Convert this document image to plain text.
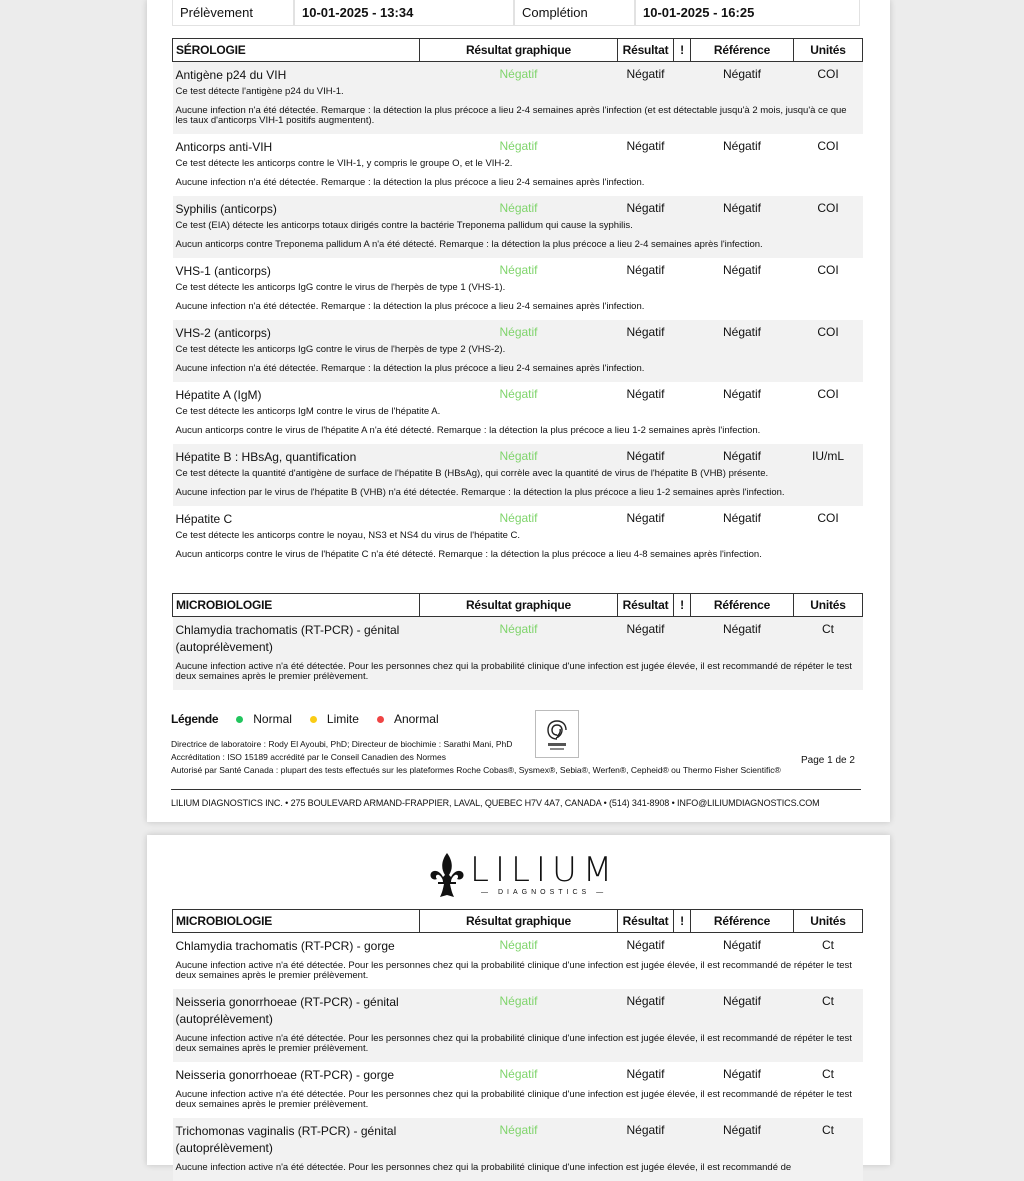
Prélèvement	10-01-2025 - 13:34	Complétion	10-01-2025 - 16:25
SÉROLOGIE	Résultat graphique	Résultat	!	Référence	Unités
Antigène p24 du VIH	Négatif	Négatif		Négatif	COI
Ce test détecte l'antigène p24 du VIH-1.					
Aucune infection n'a été détectée. Remarque : la détection la plus précoce a lieu 2-4 semaines après l'infection (et est détectable jusqu'à 2 mois, jusqu'à ce que les taux d'anticorps VIH-1 positifs augmentent).					
Anticorps anti-VIH	Négatif	Négatif		Négatif	COI
Ce test détecte les anticorps contre le VIH-1, y compris le groupe O, et le VIH-2.					
Aucune infection n'a été détectée. Remarque : la détection la plus précoce a lieu 2-4 semaines après l'infection.					
Syphilis (anticorps)	Négatif	Négatif		Négatif	COI
Ce test (EIA) détecte les anticorps totaux dirigés contre la bactérie Treponema pallidum qui cause la syphilis.					
Aucun anticorps contre Treponema pallidum A n'a été détecté. Remarque : la détection la plus précoce a lieu 2-4 semaines après l'infection.					
VHS-1 (anticorps)	Négatif	Négatif		Négatif	COI
Ce test détecte les anticorps IgG contre le virus de l'herpès de type 1 (VHS-1).					
Aucune infection n'a été détectée. Remarque : la détection la plus précoce a lieu 2-4 semaines après l'infection.					
VHS-2 (anticorps)	Négatif	Négatif		Négatif	COI
Ce test détecte les anticorps IgG contre le virus de l'herpès de type 2 (VHS-2).					
Aucune infection n'a été détectée. Remarque : la détection la plus précoce a lieu 2-4 semaines après l'infection.					
Hépatite A (IgM)	Négatif	Négatif		Négatif	COI
Ce test détecte les anticorps IgM contre le virus de l'hépatite A.					
Aucun anticorps contre le virus de l'hépatite A n'a été détecté. Remarque : la détection la plus précoce a lieu 1-2 semaines après l'infection.					
Hépatite B : HBsAg, quantification	Négatif	Négatif		Négatif	IU/mL
Ce test détecte la quantité d'antigène de surface de l'hépatite B (HBsAg), qui corrèle avec la quantité de virus de l'hépatite B (VHB) présente.					
Aucune infection par le virus de l'hépatite B (VHB) n'a été détectée. Remarque : la détection la plus précoce a lieu 1-2 semaines après l'infection.					
Hépatite C	Négatif	Négatif		Négatif	COI
Ce test détecte les anticorps contre le noyau, NS3 et NS4 du virus de l'hépatite C.					
Aucun anticorps contre le virus de l'hépatite C n'a été détecté. Remarque : la détection la plus précoce a lieu 4-8 semaines après l'infection.					
MICROBIOLOGIE	Résultat graphique	Résultat	!	Référence	Unités
Chlamydia trachomatis (RT-PCR) - génital (autoprélèvement)	Négatif	Négatif		Négatif	Ct
Aucune infection active n'a été détectée. Pour les personnes chez qui la probabilité clinique d'une infection est jugée élevée, il est recommandé de répéter le test deux semaines après le premier prélèvement.					
Légende	Normal	Limite	Anormal
Directrice de laboratoire : Rody El Ayoubi, PhD; Directeur de biochimie : Sarathi Mani, PhD
Accréditation : ISO 15189 accrédité par le Conseil Canadien des Normes
Autorisé par Santé Canada : plupart des tests effectués sur les plateformes Roche Cobas®, Sysmex®, Sebia®, Werfen®, Cepheid® ou Thermo Fisher Scientific®
Page 1 de 2
LILIUM DIAGNOSTICS INC. • 275 BOULEVARD ARMAND-FRAPPIER, LAVAL, QUEBEC H7V 4A7, CANADA • (514) 341-8908 • INFO@LILIUMDIAGNOSTICS.COM
LILIUM
— DIAGNOSTICS —
MICROBIOLOGIE	Résultat graphique	Résultat	!	Référence	Unités
Chlamydia trachomatis (RT-PCR) - gorge	Négatif	Négatif		Négatif	Ct
Aucune infection active n'a été détectée. Pour les personnes chez qui la probabilité clinique d'une infection est jugée élevée, il est recommandé de répéter le test deux semaines après le premier prélèvement.					
Neisseria gonorrhoeae (RT-PCR) - génital (autoprélèvement)	Négatif	Négatif		Négatif	Ct
Aucune infection active n'a été détectée. Pour les personnes chez qui la probabilité clinique d'une infection est jugée élevée, il est recommandé de répéter le test deux semaines après le premier prélèvement.					
Neisseria gonorrhoeae (RT-PCR) - gorge	Négatif	Négatif		Négatif	Ct
Aucune infection active n'a été détectée. Pour les personnes chez qui la probabilité clinique d'une infection est jugée élevée, il est recommandé de répéter le test deux semaines après le premier prélèvement.					
Trichomonas vaginalis (RT-PCR) - génital (autoprélèvement)	Négatif	Négatif		Négatif	Ct
Aucune infection active n'a été détectée. Pour les personnes chez qui la probabilité clinique d'une infection est jugée élevée, il est recommandé de					
